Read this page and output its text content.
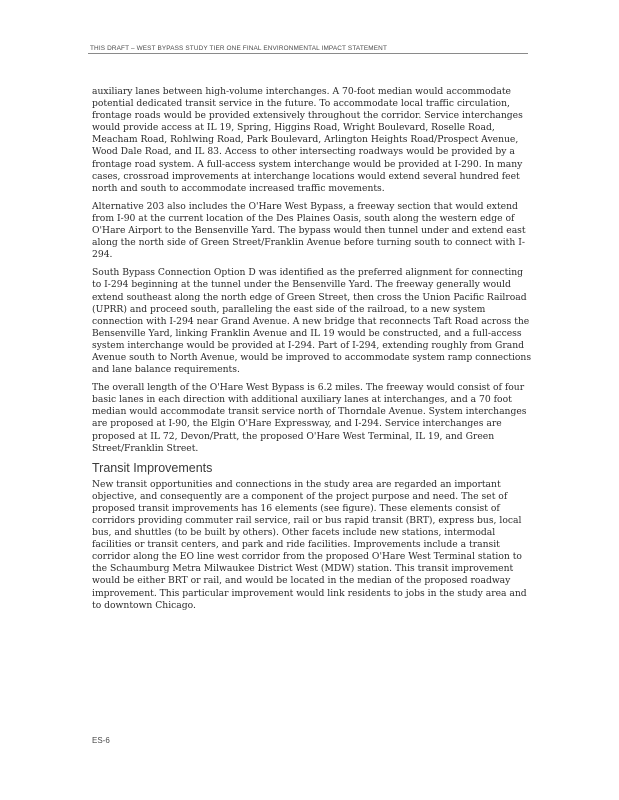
THIS DRAFT – WEST BYPASS STUDY TIER ONE FINAL ENVIRONMENTAL IMPACT STATEMENT

auxiliary lanes between high-volume interchanges. A 70-foot median would accommodate potential dedicated transit service in the future. To accommodate local traffic circulation, frontage roads would be provided extensively throughout the corridor. Service interchanges would provide access at IL 19, Spring, Higgins Road, Wright Boulevard, Roselle Road, Meacham Road, Rohlwing Road, Park Boulevard, Arlington Heights Road/Prospect Avenue, Wood Dale Road, and IL 83. Access to other intersecting roadways would be provided by a frontage road system. A full-access system interchange would be provided at I-290. In many cases, crossroad improvements at interchange locations would extend several hundred feet north and south to accommodate increased traffic movements.

Alternative 203 also includes the O'Hare West Bypass, a freeway section that would extend from I-90 at the current location of the Des Plaines Oasis, south along the western edge of O'Hare Airport to the Bensenville Yard. The bypass would then tunnel under and extend east along the north side of Green Street/Franklin Avenue before turning south to connect with I-294.

South Bypass Connection Option D was identified as the preferred alignment for connecting to I-294 beginning at the tunnel under the Bensenville Yard. The freeway generally would extend southeast along the north edge of Green Street, then cross the Union Pacific Railroad (UPRR) and proceed south, paralleling the east side of the railroad, to a new system connection with I-294 near Grand Avenue. A new bridge that reconnects Taft Road across the Bensenville Yard, linking Franklin Avenue and IL 19 would be constructed, and a full-access system interchange would be provided at I-294. Part of I-294, extending roughly from Grand Avenue south to North Avenue, would be improved to accommodate system ramp connections and lane balance requirements.

The overall length of the O'Hare West Bypass is 6.2 miles. The freeway would consist of four basic lanes in each direction with additional auxiliary lanes at interchanges, and a 70 foot median would accommodate transit service north of Thorndale Avenue. System interchanges are proposed at I-90, the Elgin O'Hare Expressway, and I-294. Service interchanges are proposed at IL 72, Devon/Pratt, the proposed O'Hare West Terminal, IL 19, and Green Street/Franklin Street.

Transit Improvements

New transit opportunities and connections in the study area are regarded an important objective, and consequently are a component of the project purpose and need. The set of proposed transit improvements has 16 elements (see figure). These elements consist of corridors providing commuter rail service, rail or bus rapid transit (BRT), express bus, local bus, and shuttles (to be built by others). Other facets include new stations, intermodal facilities or transit centers, and park and ride facilities. Improvements include a transit corridor along the EO line west corridor from the proposed O'Hare West Terminal station to the Schaumburg Metra Milwaukee District West (MDW) station. This transit improvement would be either BRT or rail, and would be located in the median of the proposed roadway improvement. This particular improvement would link residents to jobs in the study area and to downtown Chicago.

ES-6
